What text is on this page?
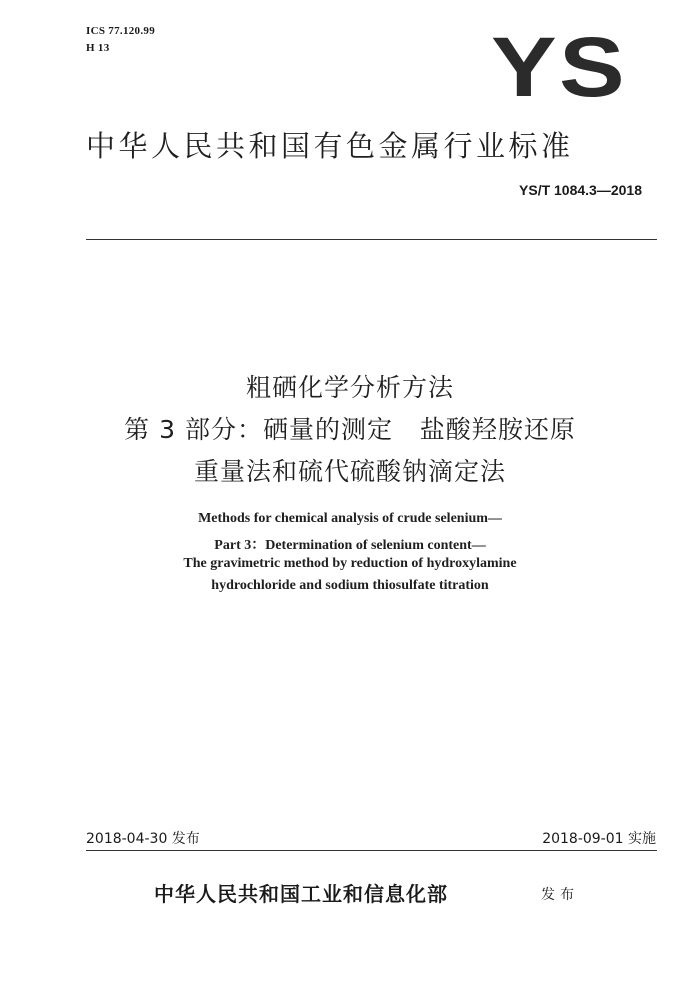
ICS 77.120.99
H 13	YS
中华人民共和国有色金属行业标准
YS/T 1084.3—2018
粗硒化学分析方法
第 3 部分：硒量的测定   盐酸羟胺还原
重量法和硫代硫酸钠滴定法
Methods for chemical analysis of crude selenium—
Part 3：Determination of selenium content—
The gravimetric method by reduction of hydroxylamine
hydrochloride and sodium thiosulfate titration
2018-04-30 发布	2018-09-01 实施
中华人民共和国工业和信息化部	发布
